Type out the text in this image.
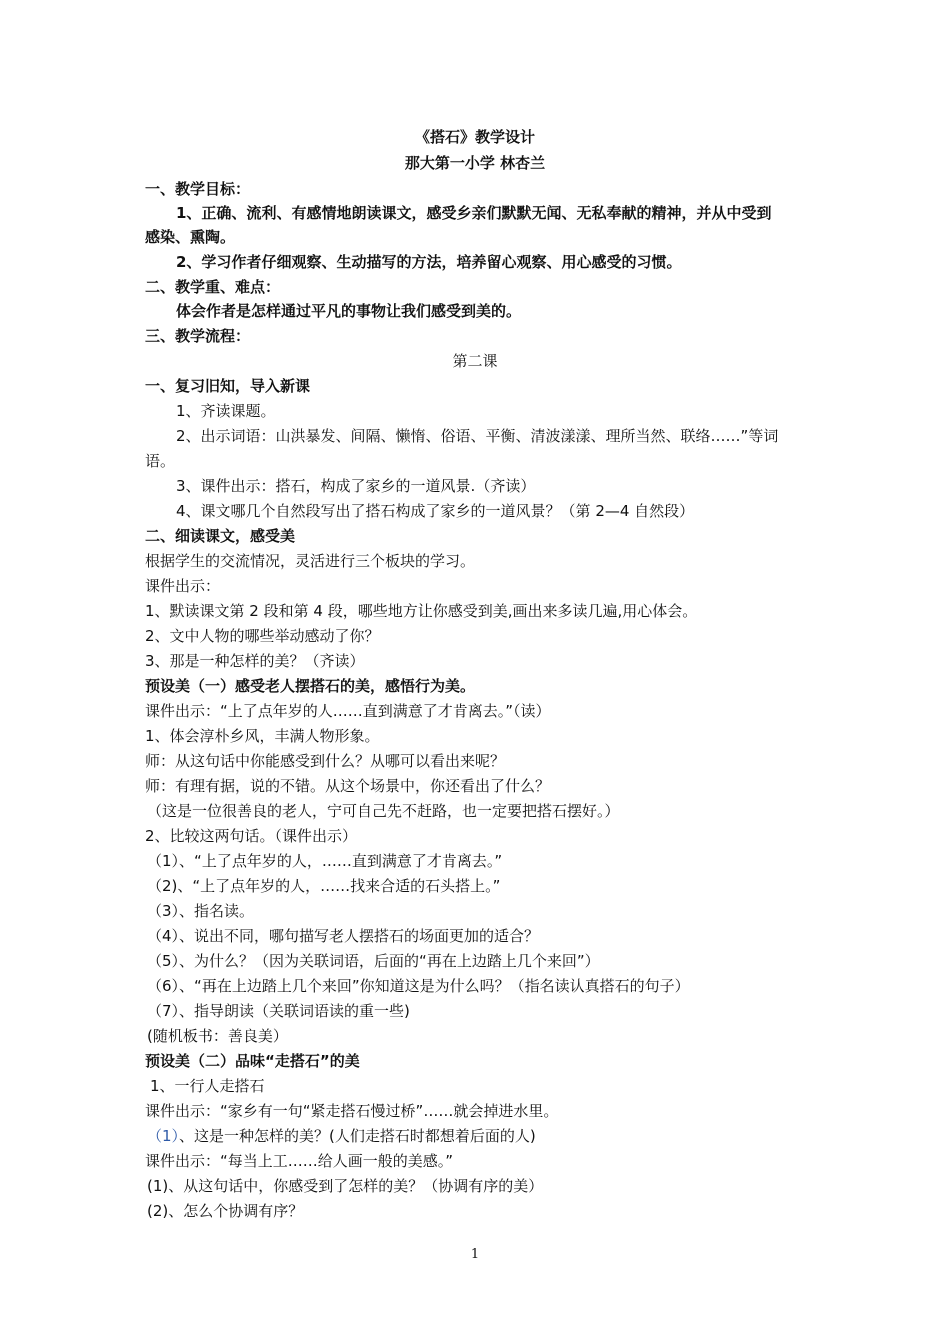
《搭石》教学设计
那大第一小学 林杏兰
一、教学目标：
1、正确、流利、有感情地朗读课文，感受乡亲们默默无闻、无私奉献的精神，并从中受到
感染、熏陶。
2、学习作者仔细观察、生动描写的方法，培养留心观察、用心感受的习惯。
二、教学重、难点：
体会作者是怎样通过平凡的事物让我们感受到美的。
三、教学流程：
第二课
一、复习旧知，导入新课
1、齐读课题。
2、出示词语：山洪暴发、间隔、懒惰、俗语、平衡、清波漾漾、理所当然、联络……”等词
语。
3、课件出示：搭石，构成了家乡的一道风景.（齐读）
4、课文哪几个自然段写出了搭石构成了家乡的一道风景？（第 2—4 自然段）
二、细读课文，感受美
根据学生的交流情况，灵活进行三个板块的学习。
课件出示：
1、默读课文第 2 段和第 4 段，哪些地方让你感受到美,画出来多读几遍,用心体会。
2、文中人物的哪些举动感动了你？
3、那是一种怎样的美？（齐读）
预设美（一）感受老人摆搭石的美，感悟行为美。
课件出示：“上了点年岁的人……直到满意了才肯离去。”（读）
1、体会淳朴乡风，丰满人物形象。
师：从这句话中你能感受到什么？从哪可以看出来呢？
师：有理有据，说的不错。从这个场景中，你还看出了什么？
（这是一位很善良的老人，宁可自己先不赶路，也一定要把搭石摆好。）
2、比较这两句话。（课件出示）
（1）、“上了点年岁的人，……直到满意了才肯离去。”
（2)、“上了点年岁的人，……找来合适的石头搭上。”
（3）、指名读。
（4）、说出不同，哪句描写老人摆搭石的场面更加的适合？
（5）、为什么？（因为关联词语，后面的“再在上边踏上几个来回”）
（6）、“再在上边踏上几个来回”你知道这是为什么吗？（指名读认真搭石的句子）
（7）、指导朗读（关联词语读的重一些)
(随机板书：善良美）
预设美（二）品味“走搭石”的美
1、一行人走搭石
课件出示：“家乡有一句“紧走搭石慢过桥”……就会掉进水里。
（1）、这是一种怎样的美？(人们走搭石时都想着后面的人)
课件出示：“每当上工……给人画一般的美感。”
(1)、从这句话中，你感受到了怎样的美？（协调有序的美）
(2)、怎么个协调有序？
1
